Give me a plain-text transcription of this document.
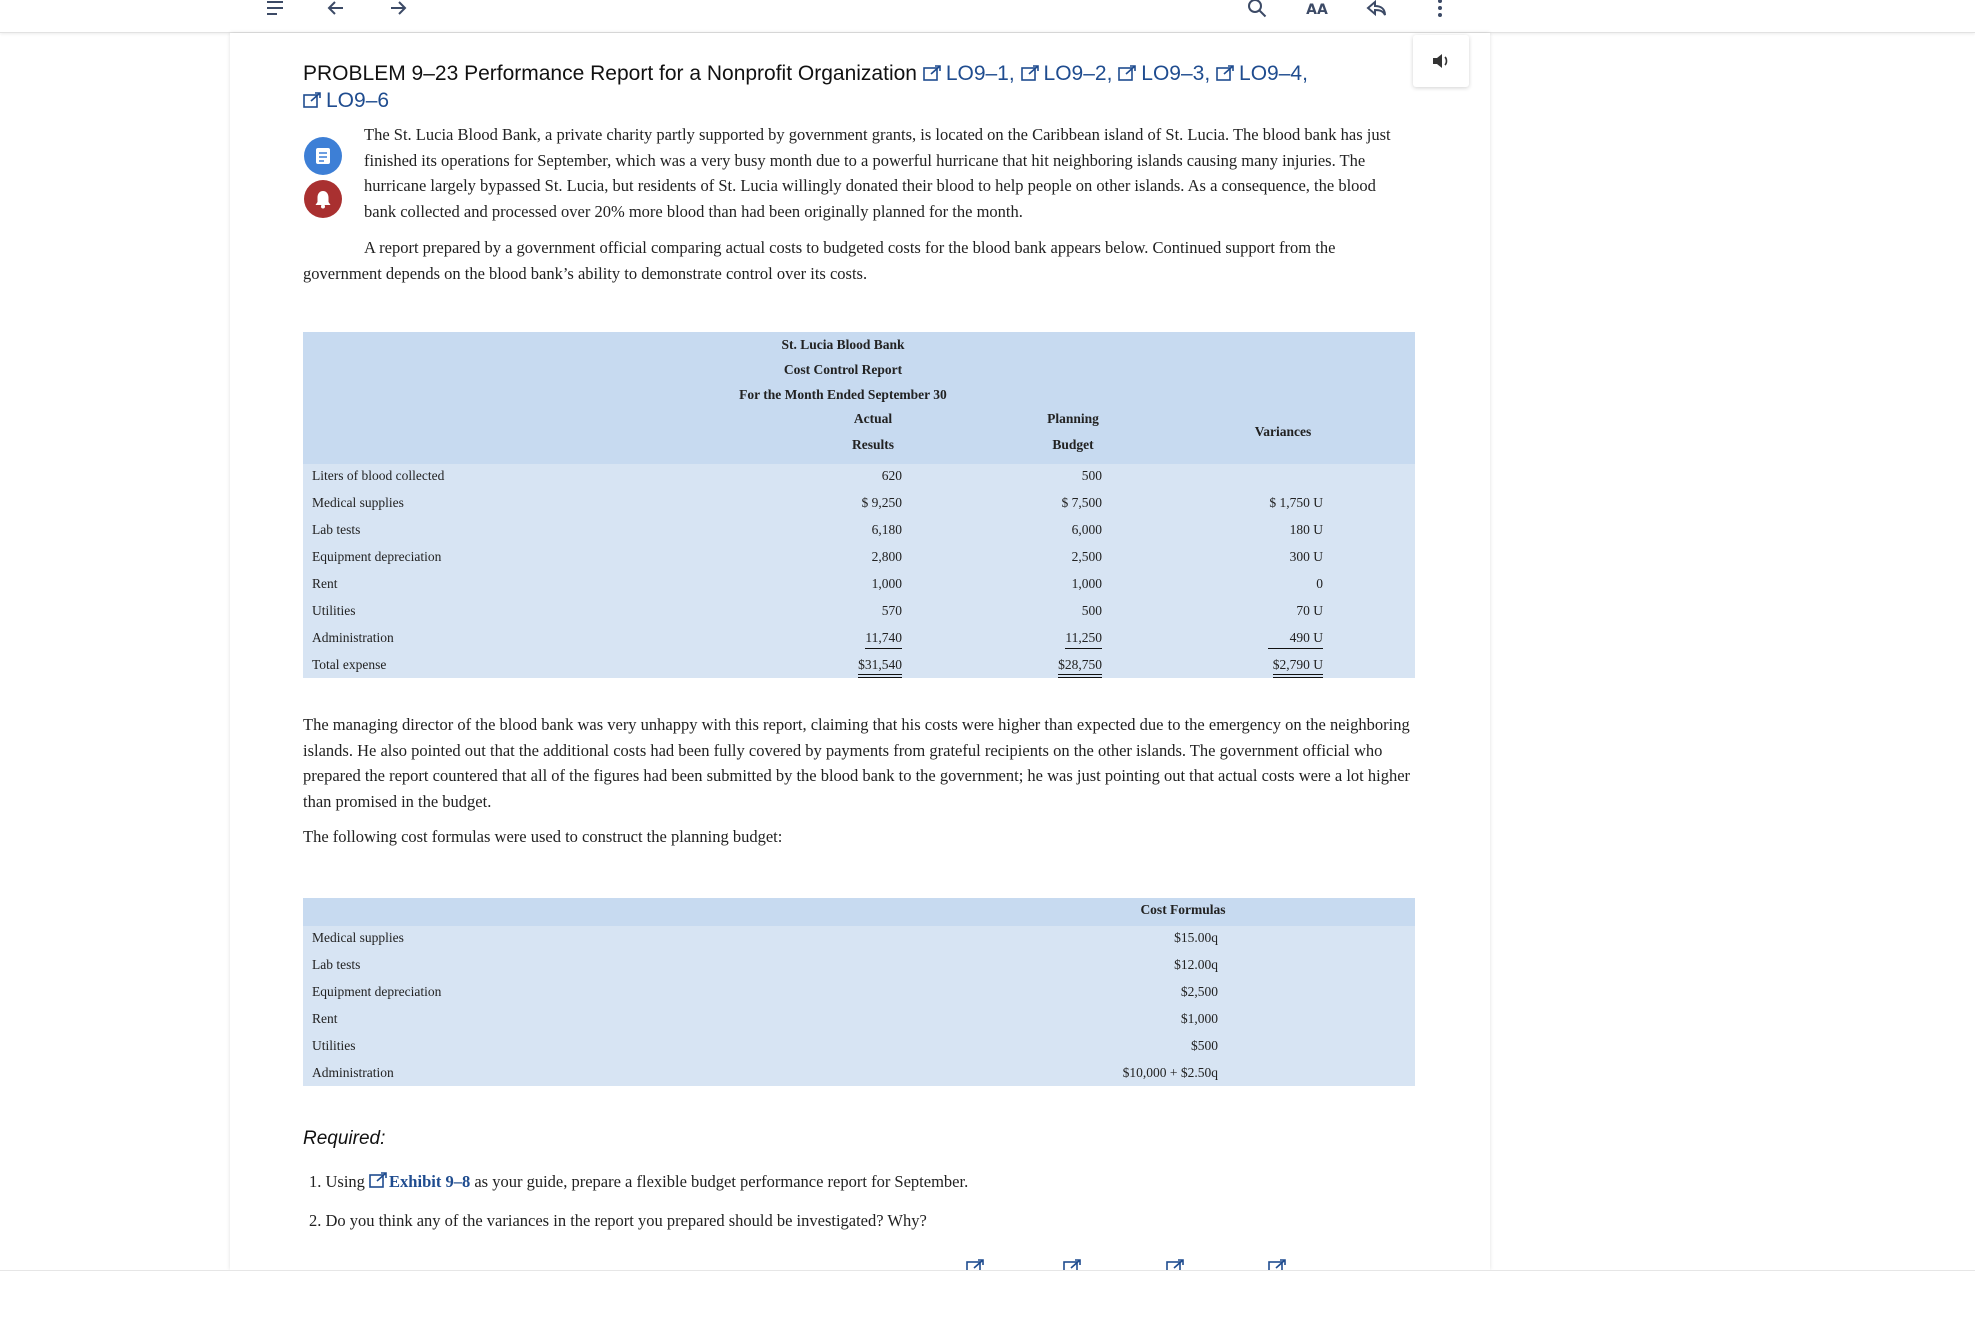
AA
PROBLEM 9–23 Performance Report for a Nonprofit Organization LO9–1, LO9–2, LO9–3, LO9–4,
LO9–6

The St. Lucia Blood Bank, a private charity partly supported by government grants, is located on the Caribbean island of St. Lucia. The blood bank has just finished its operations for September, which was a very busy month due to a powerful hurricane that hit neighboring islands causing many injuries. The hurricane largely bypassed St. Lucia, but residents of St. Lucia willingly donated their blood to help people on other islands. As a consequence, the blood bank collected and processed over 20% more blood than had been originally planned for the month.

A report prepared by a government official comparing actual costs to budgeted costs for the blood bank appears below. Continued support from the government depends on the blood bank’s ability to demonstrate control over its costs.

St. Lucia Blood Bank
Cost Control Report
For the Month Ended September 30
Actual
Results
Planning
Budget
Variances
Liters of blood collected	620	500
Medical supplies	$ 9,250	$ 7,500	$ 1,750 U
Lab tests	6,180	6,000	180 U
Equipment depreciation	2,800	2,500	300 U
Rent	1,000	1,000	0
Utilities	570	500	70 U
Administration	11,740	11,250	490 U
Total expense	$31,540	$28,750	$2,790 U

The managing director of the blood bank was very unhappy with this report, claiming that his costs were higher than expected due to the emergency on the neighboring islands. He also pointed out that the additional costs had been fully covered by payments from grateful recipients on the other islands. The government official who prepared the report countered that all of the figures had been submitted by the blood bank to the government; he was just pointing out that actual costs were a lot higher than promised in the budget.

The following cost formulas were used to construct the planning budget:

Cost Formulas
Medical supplies	$15.00q
Lab tests	$12.00q
Equipment depreciation	$2,500
Rent	$1,000
Utilities	$500
Administration	$10,000 + $2.50q
Required:
1. Using Exhibit 9–8 as your guide, prepare a flexible budget performance report for September.
2. Do you think any of the variances in the report you prepared should be investigated? Why?
